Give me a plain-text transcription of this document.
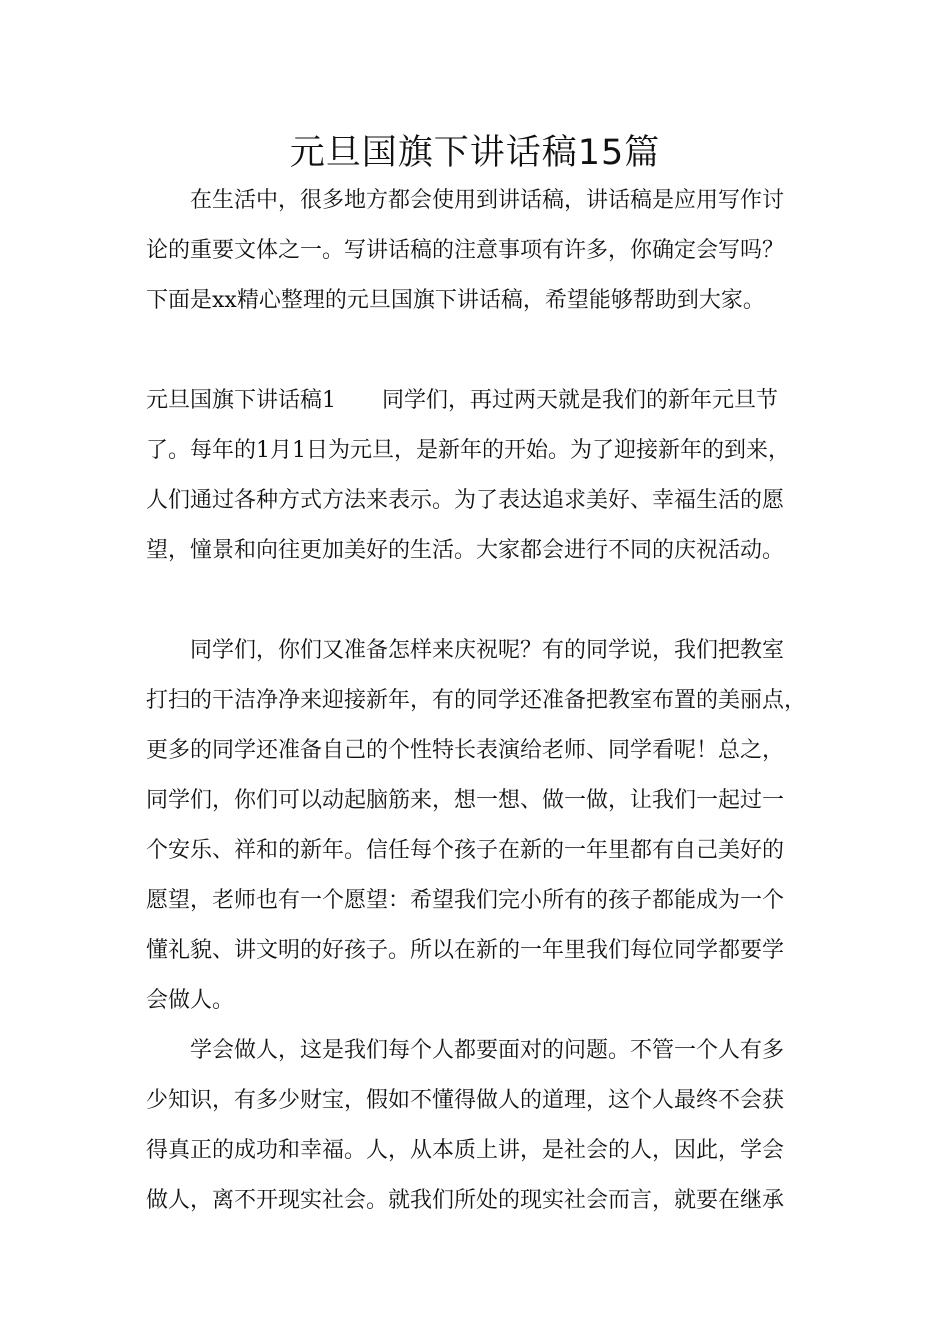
元旦国旗下讲话稿15篇

在生活中，很多地方都会使用到讲话稿，讲话稿是应用写作讨

论的重要文体之一。写讲话稿的注意事项有许多，你确定会写吗？

下面是xx精心整理的元旦国旗下讲话稿，希望能够帮助到大家。

元旦国旗下讲话稿1 同学们，再过两天就是我们的新年元旦节

了。每年的1月1日为元旦，是新年的开始。为了迎接新年的到来，

人们通过各种方式方法来表示。为了表达追求美好、幸福生活的愿

望，憧景和向往更加美好的生活。大家都会进行不同的庆祝活动。

同学们，你们又准备怎样来庆祝呢？有的同学说，我们把教室

打扫的干洁净净来迎接新年，有的同学还准备把教室布置的美丽点，

更多的同学还准备自己的个性特长表演给老师、同学看呢！总之，

同学们，你们可以动起脑筋来，想一想、做一做，让我们一起过一

个安乐、祥和的新年。信任每个孩子在新的一年里都有自己美好的

愿望，老师也有一个愿望：希望我们完小所有的孩子都能成为一个

懂礼貌、讲文明的好孩子。所以在新的一年里我们每位同学都要学

会做人。

学会做人，这是我们每个人都要面对的问题。不管一个人有多

少知识，有多少财宝，假如不懂得做人的道理，这个人最终不会获

得真正的成功和幸福。人，从本质上讲，是社会的人，因此，学会

做人，离不开现实社会。就我们所处的现实社会而言，就要在继承
